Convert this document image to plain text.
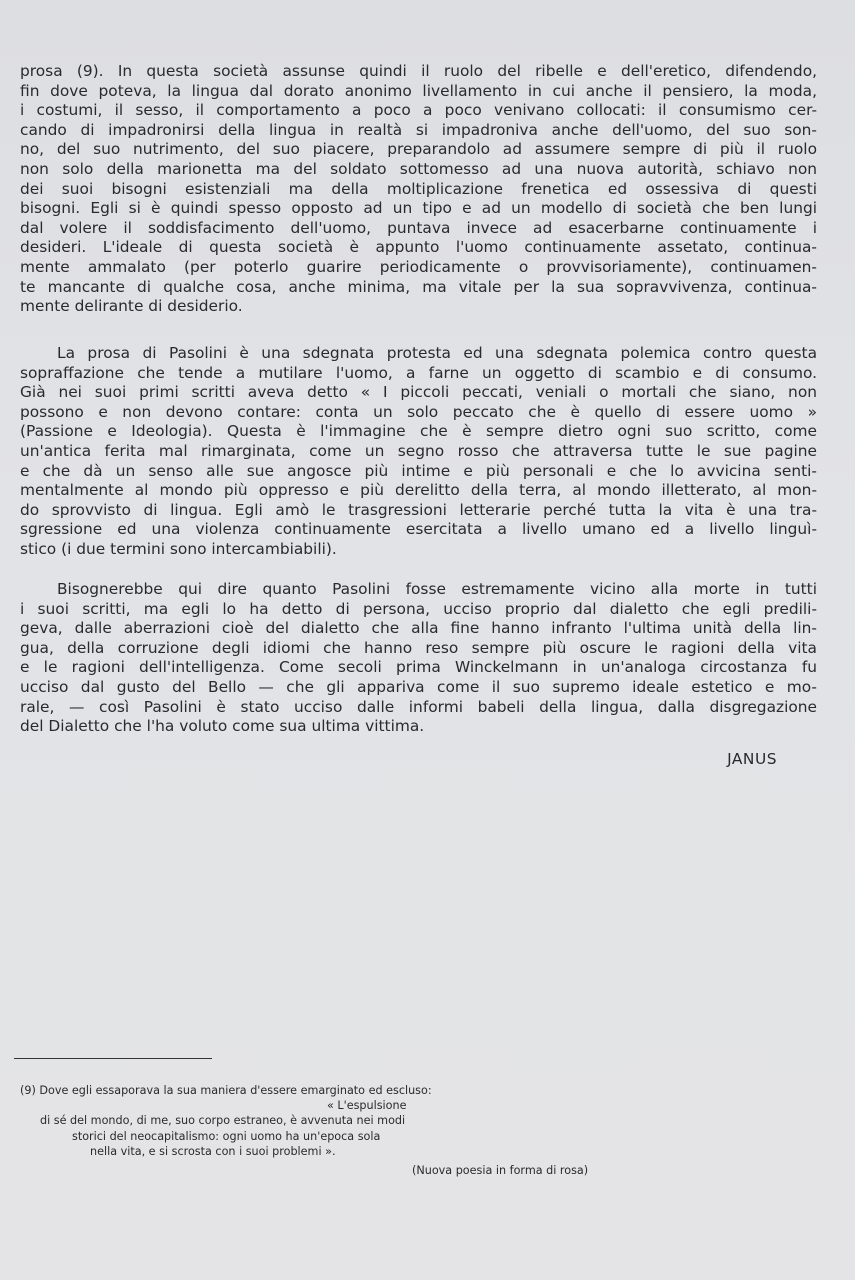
prosa (9). In questa società assunse quindi il ruolo del ribelle e dell'eretico, difendendo,
fin dove poteva, la lingua dal dorato anonimo livellamento in cui anche il pensiero, la moda,
i costumi, il sesso, il comportamento a poco a poco venivano collocati: il consumismo cer-
cando di impadronirsi della lingua in realtà si impadroniva anche dell'uomo, del suo son-
no, del suo nutrimento, del suo piacere, preparandolo ad assumere sempre di più il ruolo
non solo della marionetta ma del soldato sottomesso ad una nuova autorità, schiavo non
dei suoi bisogni esistenziali ma della moltiplicazione frenetica ed ossessiva di questi
bisogni. Egli si è quindi spesso opposto ad un tipo e ad un modello di società che ben lungi
dal volere il soddisfacimento dell'uomo, puntava invece ad esacerbarne continuamente i
desideri. L'ideale di questa società è appunto l'uomo continuamente assetato, continua-
mente ammalato (per poterlo guarire periodicamente o provvisoriamente), continuamen-
te mancante di qualche cosa, anche minima, ma vitale per la sua sopravvivenza, continua-
mente delirante di desiderio.
La prosa di Pasolini è una sdegnata protesta ed una sdegnata polemica contro questa
sopraffazione che tende a mutilare l'uomo, a farne un oggetto di scambio e di consumo.
Già nei suoi primi scritti aveva detto « I piccoli peccati, veniali o mortali che siano, non
possono e non devono contare: conta un solo peccato che è quello di essere uomo »
(Passione e Ideologia). Questa è l'immagine che è sempre dietro ogni suo scritto, come
un'antica ferita mal rimarginata, come un segno rosso che attraversa tutte le sue pagine
e che dà un senso alle sue angosce più intime e più personali e che lo avvicina senti-
mentalmente al mondo più oppresso e più derelitto della terra, al mondo illetterato, al mon-
do sprovvisto di lingua. Egli amò le trasgressioni letterarie perché tutta la vita è una tra-
sgressione ed una violenza continuamente esercitata a livello umano ed a livello linguì-
stico (i due termini sono intercambiabili).
Bisognerebbe qui dire quanto Pasolini fosse estremamente vicino alla morte in tutti
i suoi scritti, ma egli lo ha detto di persona, ucciso proprio dal dialetto che egli predili-
geva, dalle aberrazioni cioè del dialetto che alla fine hanno infranto l'ultima unità della lin-
gua, della corruzione degli idiomi che hanno reso sempre più oscure le ragioni della vita
e le ragioni dell'intelligenza. Come secoli prima Winckelmann in un'analoga circostanza fu
ucciso dal gusto del Bello — che gli appariva come il suo supremo ideale estetico e mo-
rale, — così Pasolini è stato ucciso dalle informi babeli della lingua, dalla disgregazione
del Dialetto che l'ha voluto come sua ultima vittima.
JANUS
(9) Dove egli essaporava la sua maniera d'essere emarginato ed escluso:
« L'espulsione
di sé del mondo, di me, suo corpo estraneo, è avvenuta nei modi
storici del neocapitalismo: ogni uomo ha un'epoca sola
nella vita, e si scrosta con i suoi problemi ».
(Nuova poesia in forma di rosa)
